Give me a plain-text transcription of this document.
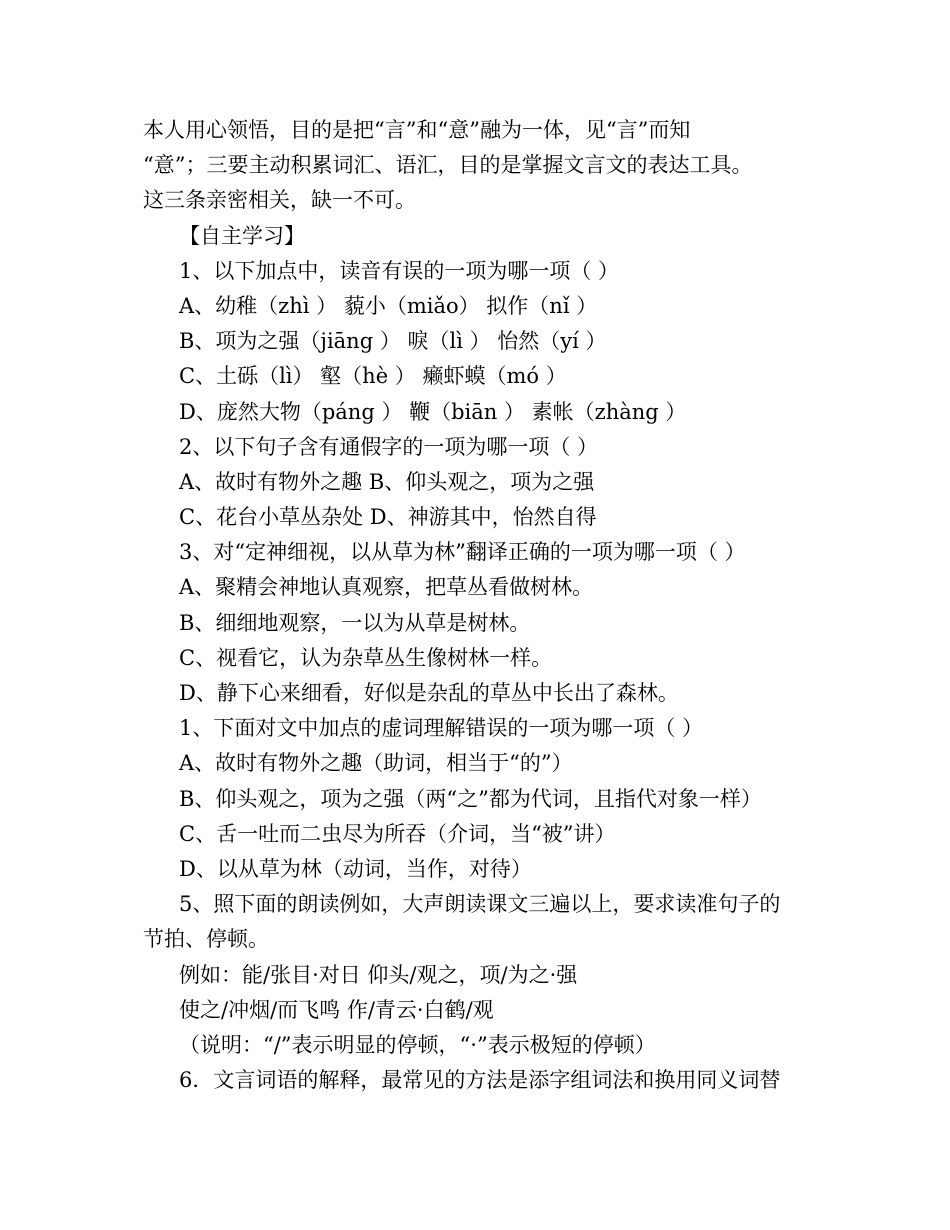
本人用心领悟，目的是把“言”和“意”融为一体，见“言”而知
“意”；三要主动积累词汇、语汇，目的是掌握文言文的表达工具。
这三条亲密相关，缺一不可。
【自主学习】
1、以下加点中，读音有误的一项为哪一项（ ）
A、幼稚（zhì ） 藐小（miǎo） 拟作（nǐ ）
B、项为之强（jiāng ） 唳（lì ） 怡然（yí ）
C、土砾（lì） 壑（hè ） 癞虾蟆（mó ）
D、庞然大物（páng ） 鞭（biān ） 素帐（zhàng ）
2、以下句子含有通假字的一项为哪一项（ ）
A、故时有物外之趣 B、仰头观之，项为之强
C、花台小草丛杂处 D、神游其中，怡然自得
3、对“定神细视，以从草为林”翻译正确的一项为哪一项（ ）
A、聚精会神地认真观察，把草丛看做树林。
B、细细地观察，一以为从草是树林。
C、视看它，认为杂草丛生像树林一样。
D、静下心来细看，好似是杂乱的草丛中长出了森林。
1、下面对文中加点的虚词理解错误的一项为哪一项（ ）
A、故时有物外之趣（助词，相当于“的”）
B、仰头观之，项为之强（两“之”都为代词，且指代对象一样）
C、舌一吐而二虫尽为所吞（介词，当“被”讲）
D、以从草为林（动词，当作，对待）
5、照下面的朗读例如，大声朗读课文三遍以上，要求读准句子的
节拍、停顿。
例如：能/张目·对日 仰头/观之，项/为之·强
使之/冲烟/而飞鸣 作/青云·白鹤/观
（说明：“/”表示明显的停顿，“·”表示极短的停顿）
6．文言词语的解释，最常见的方法是添字组词法和换用同义词替
